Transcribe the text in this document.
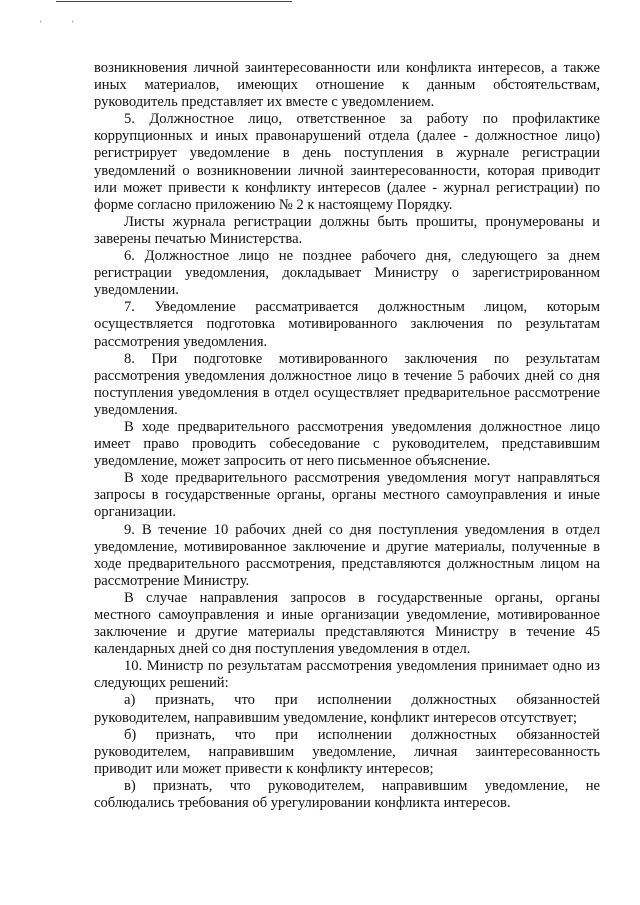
'	'

возникновения личной заинтересованности или конфликта интересов, а также иных материалов, имеющих отношение к данным обстоятельствам, руководитель представляет их вместе с уведомлением.

5. Должностное лицо, ответственное за работу по профилактике коррупционных и иных правонарушений отдела (далее - должностное лицо) регистрирует уведомление в день поступления в журнале регистрации уведомлений о возникновении личной заинтересованности, которая приводит или может привести к конфликту интересов (далее - журнал регистрации) по форме согласно приложению № 2 к настоящему Порядку.

Листы журнала регистрации должны быть прошиты, пронумерованы и заверены печатью Министерства.

6. Должностное лицо не позднее рабочего дня, следующего за днем регистрации уведомления, докладывает Министру о зарегистрированном уведомлении.

7. Уведомление рассматривается должностным лицом, которым осуществляется подготовка мотивированного заключения по результатам рассмотрения уведомления.

8. При подготовке мотивированного заключения по результатам рассмотрения уведомления должностное лицо в течение 5 рабочих дней со дня поступления уведомления в отдел осуществляет предварительное рассмотрение уведомления.

В ходе предварительного рассмотрения уведомления должностное лицо имеет право проводить собеседование с руководителем, представившим уведомление, может запросить от него письменное объяснение.

В ходе предварительного рассмотрения уведомления могут направляться запросы в государственные органы, органы местного самоуправления и иные организации.

9. В течение 10 рабочих дней со дня поступления уведомления в отдел уведомление, мотивированное заключение и другие материалы, полученные в ходе предварительного рассмотрения, представляются должностным лицом на рассмотрение Министру.

В случае направления запросов в государственные органы, органы местного самоуправления и иные организации уведомление, мотивированное заключение и другие материалы представляются Министру в течение 45 календарных дней со дня поступления уведомления в отдел.

10. Министр по результатам рассмотрения уведомления принимает одно из следующих решений:

а) признать, что при исполнении должностных обязанностей руководителем, направившим уведомление, конфликт интересов отсутствует;

б) признать, что при исполнении должностных обязанностей руководителем, направившим уведомление, личная заинтересованность приводит или может привести к конфликту интересов;

в) признать, что руководителем, направившим уведомление, не соблюдались требования об урегулировании конфликта интересов.
